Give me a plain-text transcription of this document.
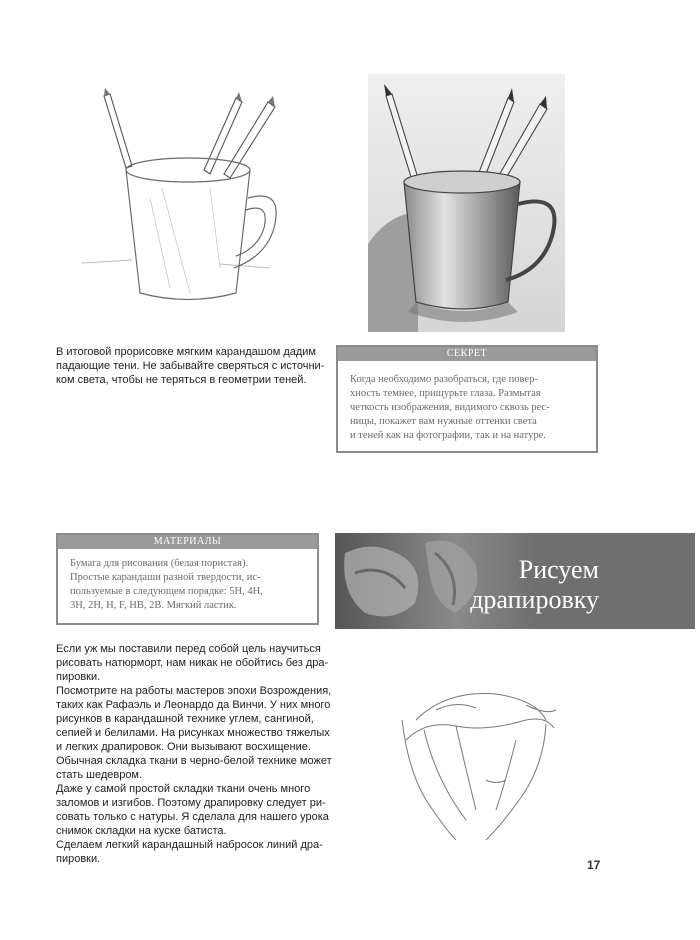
В итоговой прорисовке мягким карандашом дадим
падающие тени. Не забывайте сверяться с источни-
ком света, чтобы не теряться в геометрии теней.
СЕКРЕТ
Когда необходимо разобраться, где повер-
хность темнее, прищурьте глаза. Размытая
четкость изображения, видимого сквозь рес-
ницы, покажет вам нужные оттенки света
и теней как на фотографии, так и на натуре.
МАТЕРИАЛЫ
Бумага для рисования (белая пористая).
Простые карандаши разной твердости, ис-
пользуемые в следующем порядке: 5H, 4H,
3H, 2H, H, F, HB, 2B. Мягкий ластик.
Рисуем
драпировку
Если уж мы поставили перед собой цель научиться
рисовать натюрморт, нам никак не обойтись без дра-
пировки.
Посмотрите на работы мастеров эпохи Возрождения,
таких как Рафаэль и Леонардо да Винчи. У них много
рисунков в карандашной технике углем, сангиной,
сепией и белилами. На рисунках множество тяжелых
и легких драпировок. Они вызывают восхищение.
Обычная складка ткани в черно-белой технике может
стать шедевром.
Даже у самой простой складки ткани очень много
заломов и изгибов. Поэтому драпировку следует ри-
совать только с натуры. Я сделала для нашего урока
снимок складки на куске батиста.
Сделаем легкий карандашный набросок линий дра-
пировки.	17
